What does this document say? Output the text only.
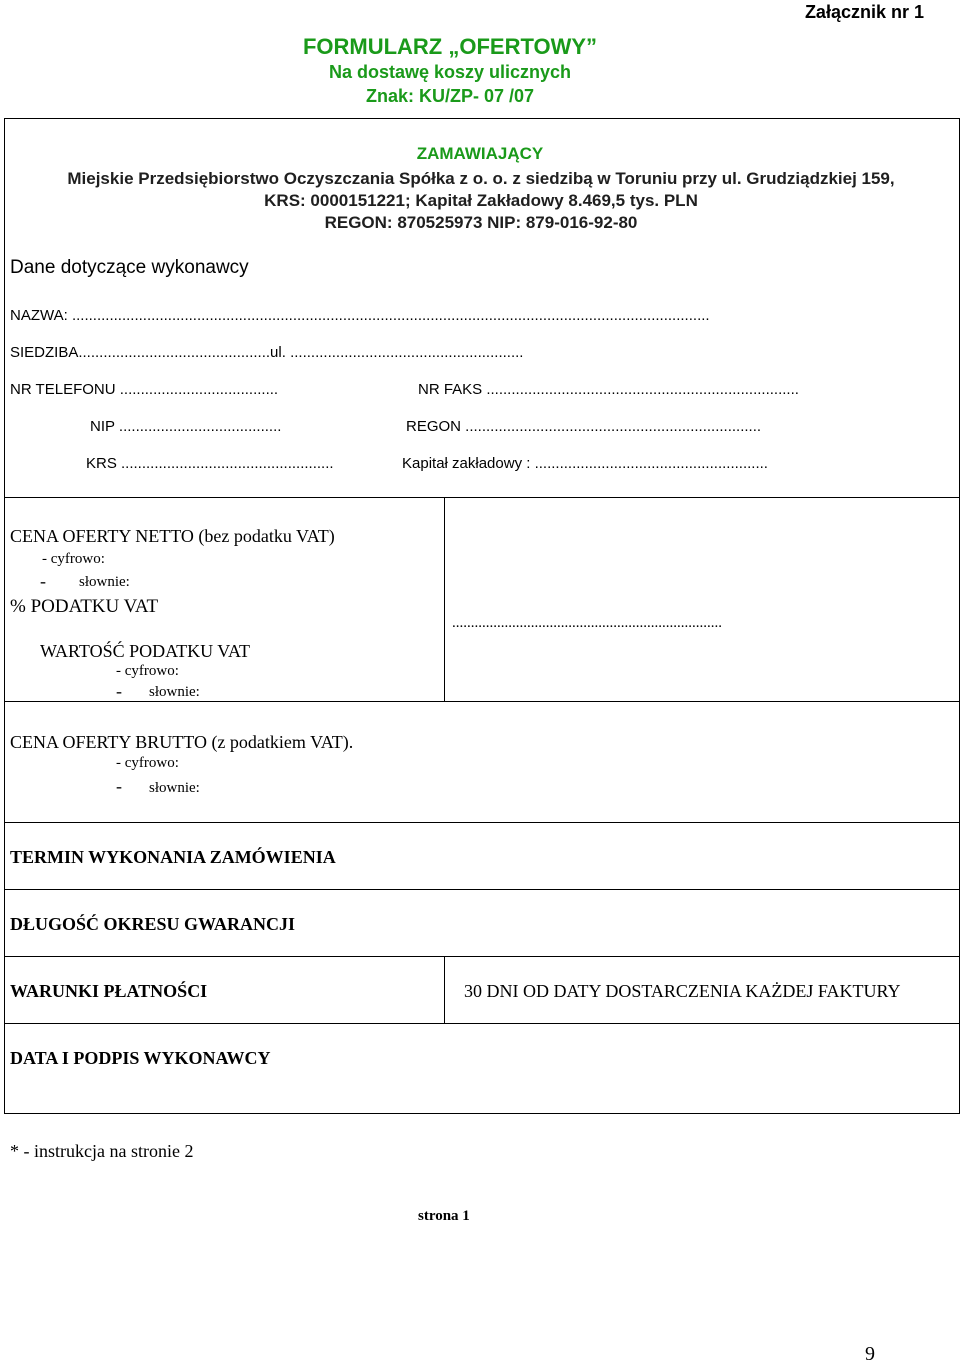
Załącznik nr 1
FORMULARZ „OFERTOWY”
Na dostawę koszy ulicznych
Znak: KU/ZP- 07 /07
ZAMAWIAJĄCY
Miejskie Przedsiębiorstwo Oczyszczania Spółka z o. o. z siedzibą w Toruniu przy ul. Grudziądzkiej 159,
KRS: 0000151221; Kapitał Zakładowy 8.469,5 tys. PLN
REGON: 870525973 NIP: 879-016-92-80
Dane dotyczące wykonawcy
NAZWA: .........................................................................................................................................................
SIEDZIBA..............................................ul. ........................................................
NR TELEFONU ......................................	NR FAKS ...........................................................................
NIP .......................................	REGON .......................................................................
KRS ...................................................	Kapitał zakładowy : ........................................................
CENA OFERTY NETTO (bez podatku VAT)
- cyfrowo:
- słownie:
% PODATKU VAT
WARTOŚĆ PODATKU VAT
- cyfrowo:
- słownie:
........................................................................
CENA OFERTY BRUTTO (z podatkiem VAT).
- cyfrowo:
- słownie:
TERMIN WYKONANIA ZAMÓWIENIA
DŁUGOŚĆ OKRESU GWARANCJI
WARUNKI PŁATNOŚCI	30 DNI OD DATY DOSTARCZENIA KAŻDEJ FAKTURY
DATA I PODPIS WYKONAWCY
* - instrukcja na stronie 2
strona 1
9
